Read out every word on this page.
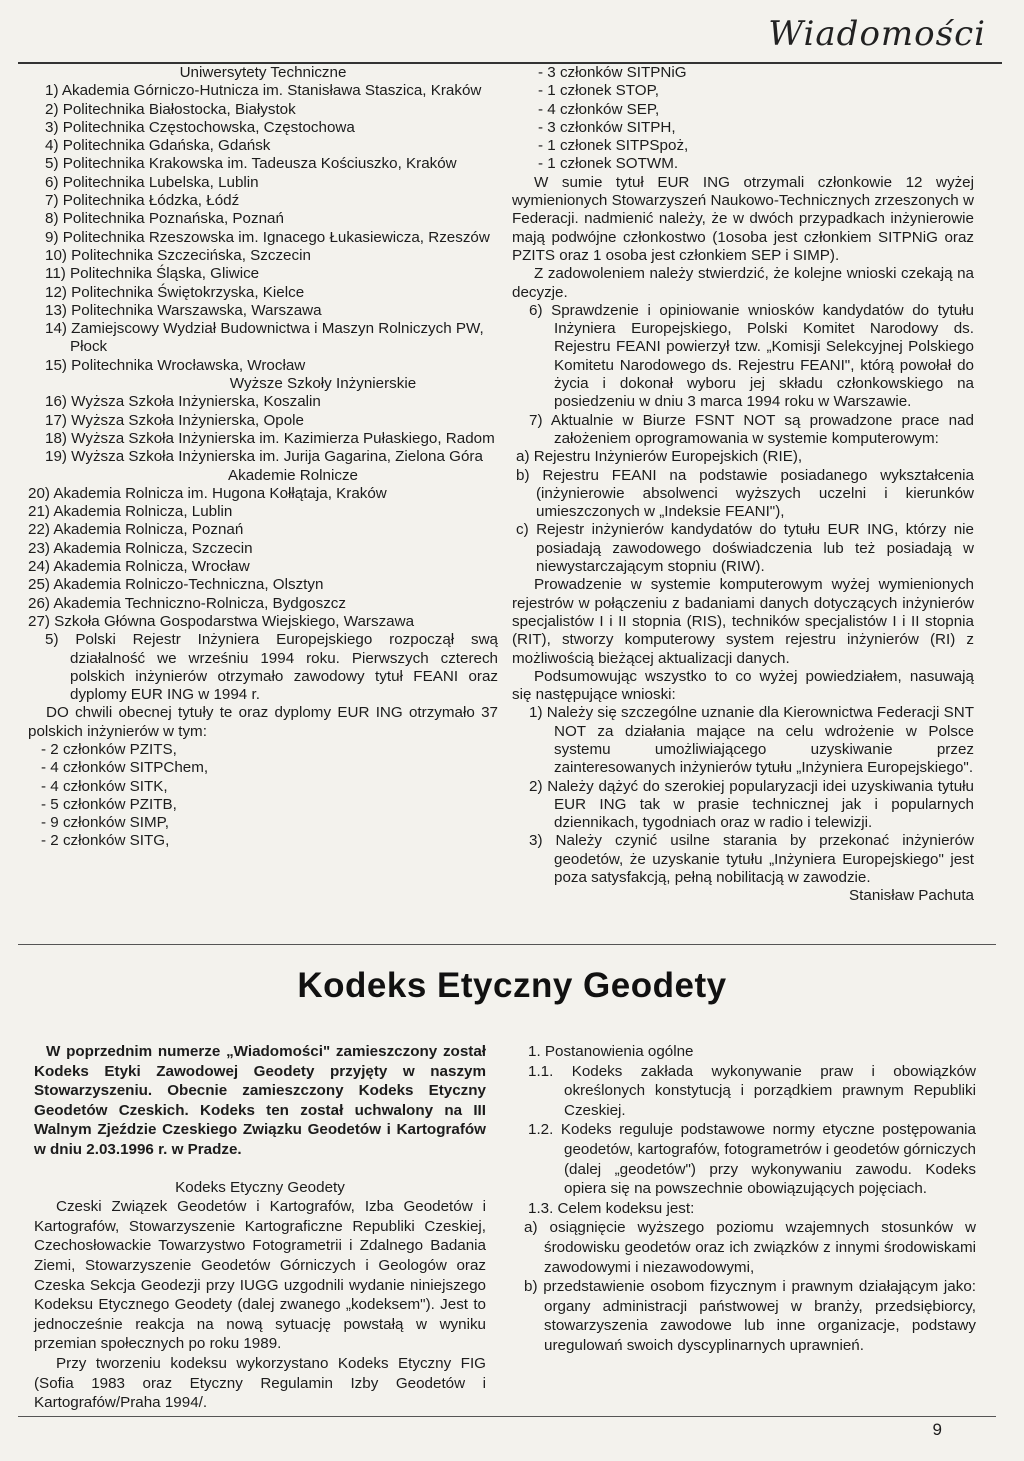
Wiadomości

Uniwersytety Techniczne

1) Akademia Górniczo-Hutnicza im. Stanisława Staszica, Kraków

2) Politechnika Białostocka, Białystok

3) Politechnika Częstochowska, Częstochowa

4) Politechnika Gdańska, Gdańsk

5) Politechnika Krakowska im. Tadeusza Kościuszko, Kraków

6) Politechnika Lubelska, Lublin

7) Politechnika Łódzka, Łódź

8) Politechnika Poznańska, Poznań

9) Politechnika Rzeszowska im. Ignacego Łukasiewicza, Rzeszów

10) Politechnika Szczecińska, Szczecin

11) Politechnika Śląska, Gliwice

12) Politechnika Świętokrzyska, Kielce

13) Politechnika Warszawska, Warszawa

14) Zamiejscowy Wydział Budownictwa i Maszyn Rolniczych PW, Płock

15) Politechnika Wrocławska, Wrocław

Wyższe Szkoły Inżynierskie

16) Wyższa Szkoła Inżynierska, Koszalin

17) Wyższa Szkoła Inżynierska, Opole

18) Wyższa Szkoła Inżynierska im. Kazimierza Pułaskiego, Radom

19) Wyższa Szkoła Inżynierska im. Jurija Gagarina, Zielona Góra

Akademie Rolnicze

20) Akademia Rolnicza im. Hugona Kołłątaja, Kraków

21) Akademia Rolnicza, Lublin

22) Akademia Rolnicza, Poznań

23) Akademia Rolnicza, Szczecin

24) Akademia Rolnicza, Wrocław

25) Akademia Rolniczo-Techniczna, Olsztyn

26) Akademia Techniczno-Rolnicza, Bydgoszcz

27) Szkoła Główna Gospodarstwa Wiejskiego, Warszawa

5) Polski Rejestr Inżyniera Europejskiego rozpoczął swą działalność we wrześniu 1994 roku. Pierwszych czterech polskich inżynierów otrzymało zawodowy tytuł FEANI oraz dyplomy EUR ING w 1994 r.

DO chwili obecnej tytuły te oraz dyplomy EUR ING otrzymało 37 polskich inżynierów w tym:

- 2 członków PZITS,

- 4 członków SITPChem,

- 4 członków SITK,

- 5 członków PZITB,

- 9 członków SIMP,

- 2 członków SITG,

- 3 członków SITPNiG

- 1 członek STOP,

- 4 członków SEP,

- 3 członków SITPH,

- 1 członek SITPSpoż,

- 1 członek SOTWM.

W sumie tytuł EUR ING otrzymali członkowie 12 wyżej wymienionych Stowarzyszeń Naukowo-Technicznych zrzeszonych w Federacji. nadmienić należy, że w dwóch przypadkach inżynierowie mają podwójne członkostwo (1osoba jest członkiem SITPNiG oraz PZITS oraz 1 osoba jest członkiem SEP i SIMP).

Z zadowoleniem należy stwierdzić, że kolejne wnioski czekają na decyzje.

6) Sprawdzenie i opiniowanie wniosków kandydatów do tytułu Inżyniera Europejskiego, Polski Komitet Narodowy ds. Rejestru FEANI powierzył tzw. „Komisji Selekcyjnej Polskiego Komitetu Narodowego ds. Rejestru FEANI", którą powołał do życia i dokonał wyboru jej składu członkowskiego na posiedzeniu w dniu 3 marca 1994 roku w Warszawie.

7) Aktualnie w Biurze FSNT NOT są prowadzone prace nad założeniem oprogramowania w systemie komputerowym:

a) Rejestru Inżynierów Europejskich (RIE),

b) Rejestru FEANI na podstawie posiadanego wykształcenia (inżynierowie absolwenci wyższych uczelni i kierunków umieszczonych w „Indeksie FEANI"),

c) Rejestr inżynierów kandydatów do tytułu EUR ING, którzy nie posiadają zawodowego doświadczenia lub też posiadają w niewystarczającym stopniu (RIW).

Prowadzenie w systemie komputerowym wyżej wymienionych rejestrów w połączeniu z badaniami danych dotyczących inżynierów specjalistów I i II stopnia (RIS), techników specjalistów I i II stopnia (RIT), stworzy komputerowy system rejestru inżynierów (RI) z możliwością bieżącej aktualizacji danych.

Podsumowując wszystko to co wyżej powiedziałem, nasuwają się następujące wnioski:

1) Należy się szczególne uznanie dla Kierownictwa Federacji SNT NOT za działania mające na celu wdrożenie w Polsce systemu umożliwiającego uzyskiwanie przez zainteresowanych inżynierów tytułu „Inżyniera Europejskiego".

2) Należy dążyć do szerokiej popularyzacji idei uzyskiwania tytułu EUR ING tak w prasie technicznej jak i popularnych dziennikach, tygodniach oraz w radio i telewizji.

3) Należy czynić usilne starania by przekonać inżynierów geodetów, że uzyskanie tytułu „Inżyniera Europejskiego" jest poza satysfakcją, pełną nobilitacją w zawodzie.

Stanisław Pachuta

Kodeks Etyczny Geodety

W poprzednim numerze „Wiadomości" zamieszczony został Kodeks Etyki Zawodowej Geodety przyjęty w naszym Stowarzyszeniu. Obecnie zamieszczony Kodeks Etyczny Geodetów Czeskich. Kodeks ten został uchwalony na III Walnym Zjeździe Czeskiego Związku Geodetów i Kartografów w dniu 2.03.1996 r. w Pradze.

Kodeks Etyczny Geodety

Czeski Związek Geodetów i Kartografów, Izba Geodetów i Kartografów, Stowarzyszenie Kartograficzne Republiki Czeskiej, Czechosłowackie Towarzystwo Fotogrametrii i Zdalnego Badania Ziemi, Stowarzyszenie Geodetów Górniczych i Geologów oraz Czeska Sekcja Geodezji przy IUGG uzgodnili wydanie niniejszego Kodeksu Etycznego Geodety (dalej zwanego „kodeksem"). Jest to jednocześnie reakcja na nową sytuację powstałą w wyniku przemian społecznych po roku 1989.

Przy tworzeniu kodeksu wykorzystano Kodeks Etyczny FIG (Sofia 1983 oraz Etyczny Regulamin Izby Geodetów i Kartografów/Praha 1994/.

1. Postanowienia ogólne

1.1. Kodeks zakłada wykonywanie praw i obowiązków określonych konstytucją i porządkiem prawnym Republiki Czeskiej.

1.2. Kodeks reguluje podstawowe normy etyczne postępowania geodetów, kartografów, fotogrametrów i geodetów górniczych (dalej „geodetów") przy wykonywaniu zawodu. Kodeks opiera się na powszechnie obowiązujących pojęciach.

1.3. Celem kodeksu jest:

a) osiągnięcie wyższego poziomu wzajemnych stosunków w środowisku geodetów oraz ich związków z innymi środowiskami zawodowymi i niezawodowymi,

b) przedstawienie osobom fizycznym i prawnym działającym jako: organy administracji państwowej w branży, przedsiębiorcy, stowarzyszenia zawodowe lub inne organizacje, podstawy uregulowań swoich dyscyplinarnych uprawnień.

9
